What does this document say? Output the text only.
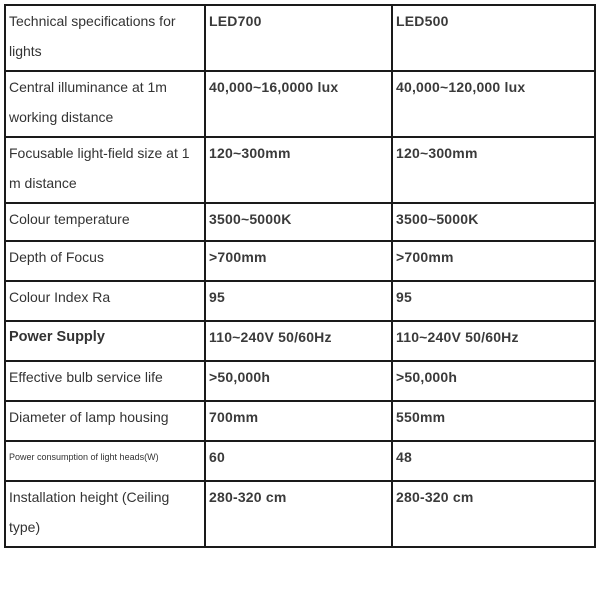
Technical specifications for lights	LED700	LED500
Central illuminance at 1m working distance	40,000~16,0000 lux	40,000~120,000 lux
Focusable light-field size at 1 m distance	120~300mm	120~300mm
Colour temperature	3500~5000K	3500~5000K
Depth of Focus	>700mm	>700mm
Colour Index Ra	95	95
Power Supply	110~240V 50/60Hz	110~240V 50/60Hz
Effective bulb service life	>50,000h	>50,000h
Diameter of lamp housing	700mm	550mm
Power consumption of light heads(W)	60	48
Installation height (Ceiling type)	280-320 cm	280-320 cm
